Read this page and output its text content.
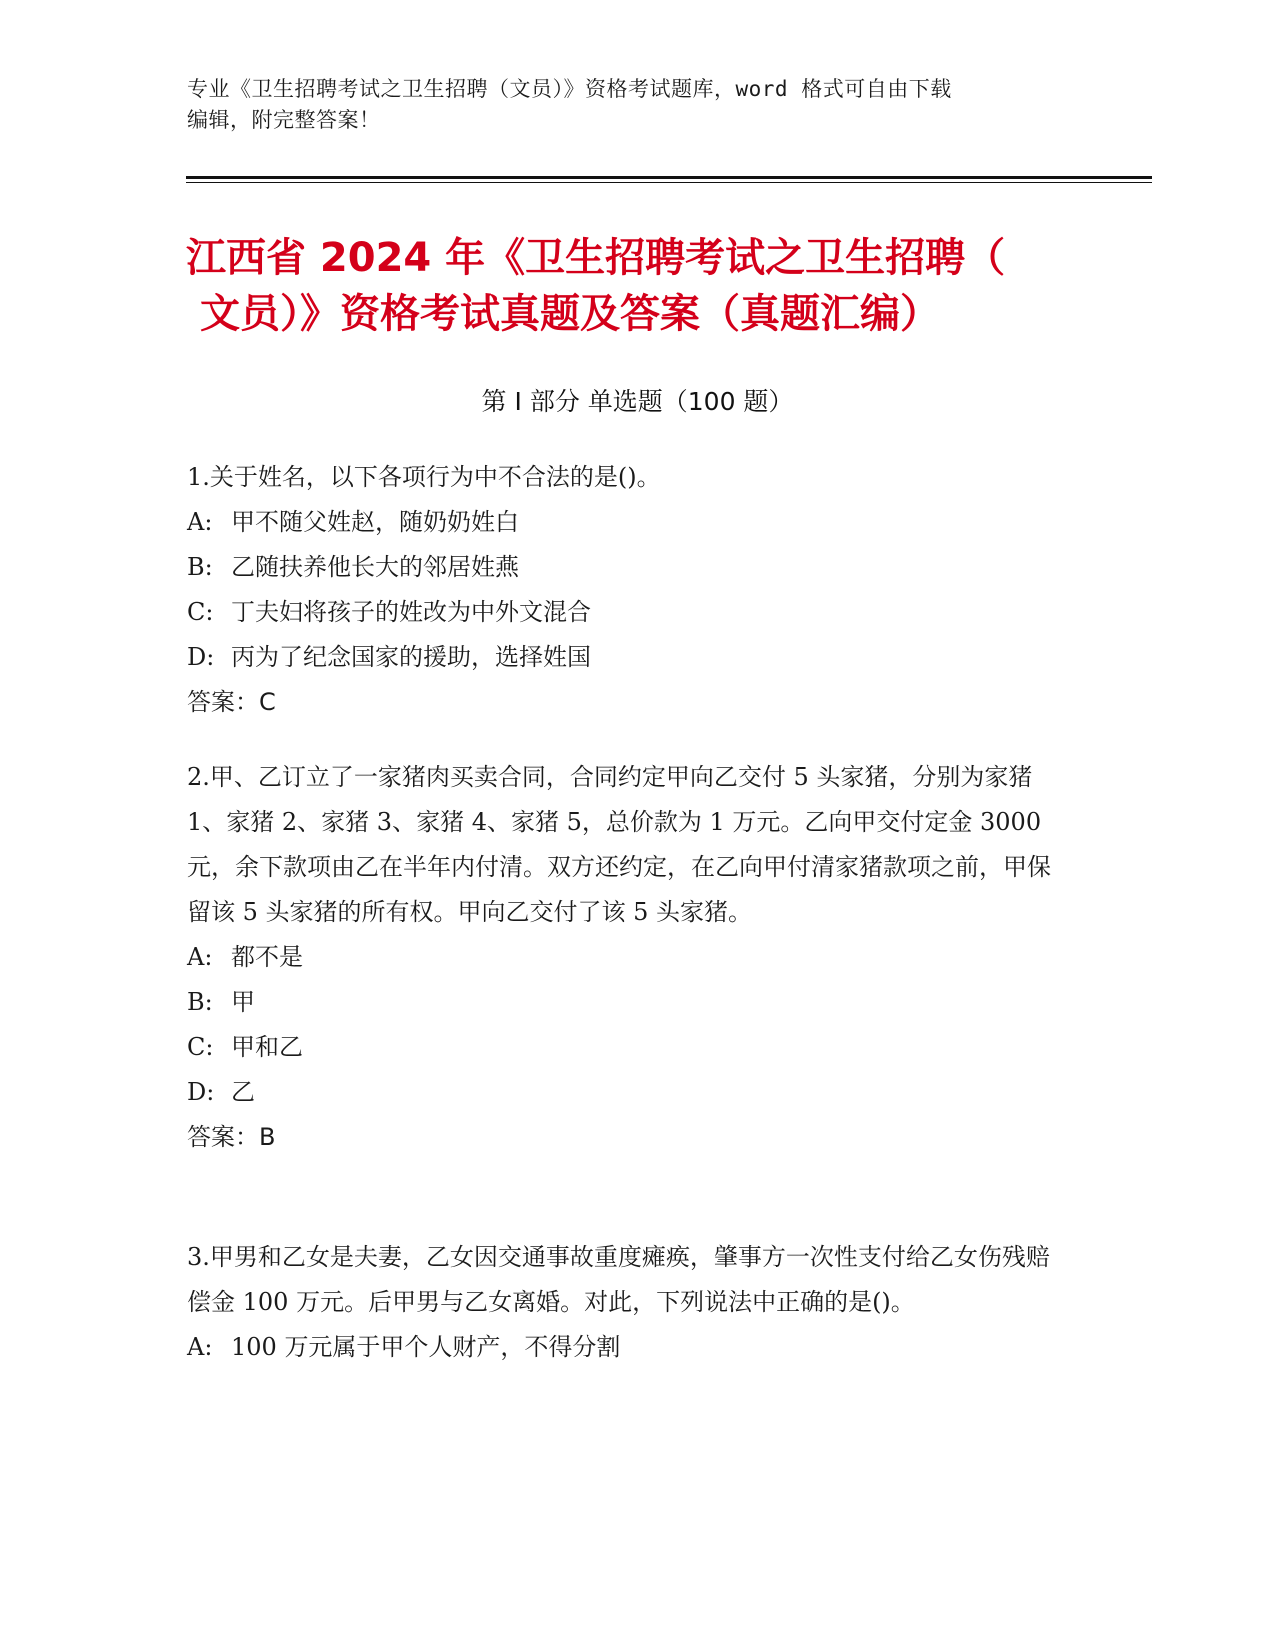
专业《卫生招聘考试之卫生招聘（文员）》资格考试题库，word 格式可自由下载
编辑，附完整答案！
江西省 2024 年《卫生招聘考试之卫生招聘（
文员）》资格考试真题及答案（真题汇编）
第 I 部分 单选题（100 题）

1.关于姓名，以下各项行为中不合法的是()。

A: 甲不随父姓赵，随奶奶姓白

B: 乙随扶养他长大的邻居姓燕

C: 丁夫妇将孩子的姓改为中外文混合

D: 丙为了纪念国家的援助，选择姓国

答案：C

2.甲、乙订立了一家猪肉买卖合同，合同约定甲向乙交付 5 头家猪，分别为家猪 1、家猪 2、家猪 3、家猪 4、家猪 5，总价款为 1 万元。乙向甲交付定金 3000 元，余下款项由乙在半年内付清。双方还约定，在乙向甲付清家猪款项之前，甲保留该 5 头家猪的所有权。甲向乙交付了该 5 头家猪。

A: 都不是

B: 甲

C: 甲和乙

D: 乙

答案：B

3.甲男和乙女是夫妻，乙女因交通事故重度瘫痪，肇事方一次性支付给乙女伤残赔偿金 100 万元。后甲男与乙女离婚。对此，下列说法中正确的是()。

A: 100 万元属于甲个人财产，不得分割
